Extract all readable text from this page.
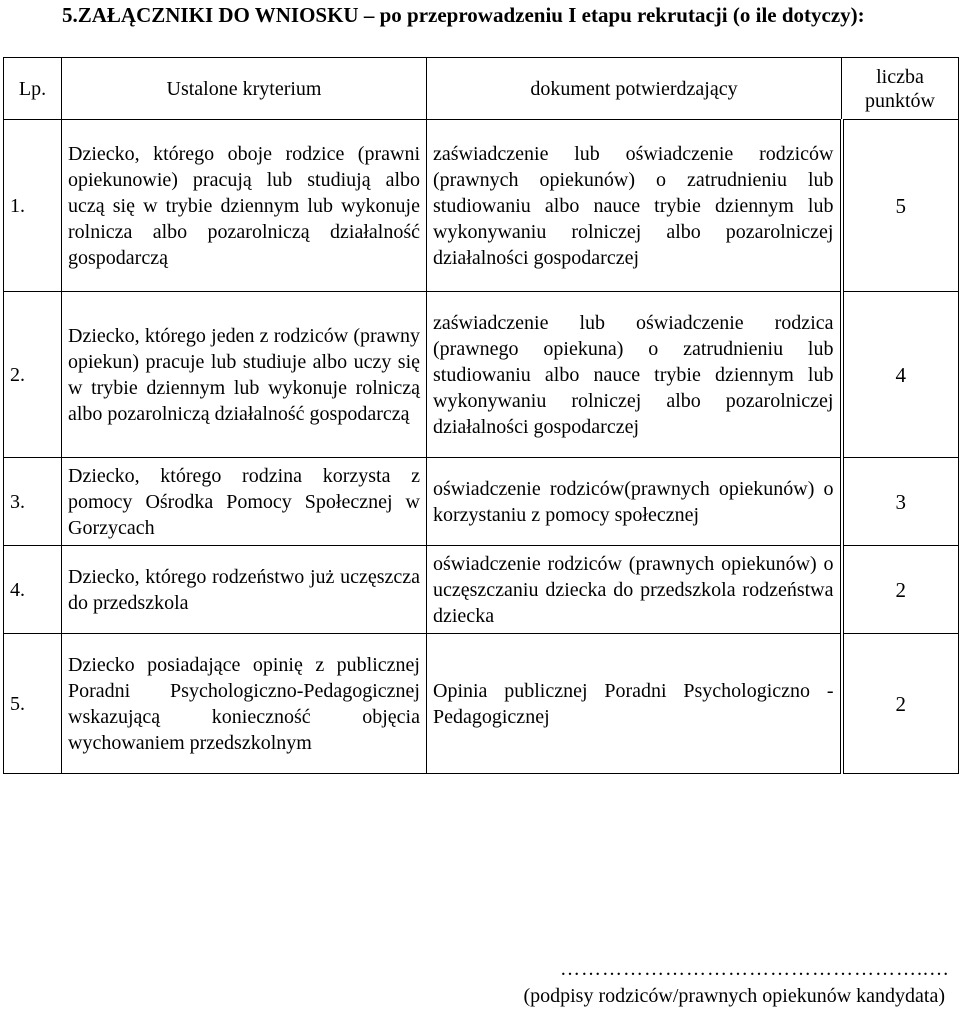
5.ZAŁĄCZNIKI DO WNIOSKU – po przeprowadzeniu I etapu rekrutacji (o ile dotyczy):
Lp.	Ustalone kryterium	dokument potwierdzający	liczba punktów
1.	Dziecko, którego oboje rodzice (prawni opiekunowie) pracują lub studiują albo uczą się w trybie dziennym lub wykonuje rolnicza albo pozarolniczą działalność gospodarczą	zaświadczenie lub oświadczenie rodziców (prawnych opiekunów) o zatrudnieniu lub studiowaniu albo nauce trybie dziennym lub wykonywaniu rolniczej albo pozarolniczej działalności gospodarczej	5
2.	Dziecko, którego jeden z rodziców (prawny opiekun) pracuje lub studiuje albo uczy się w trybie dziennym lub wykonuje rolniczą albo pozarolniczą działalność gospodarczą	zaświadczenie lub oświadczenie rodzica (prawnego opiekuna) o zatrudnieniu lub studiowaniu albo nauce trybie dziennym lub wykonywaniu rolniczej albo pozarolniczej działalności gospodarczej	4
3.	Dziecko, którego rodzina korzysta z pomocy Ośrodka Pomocy Społecznej w Gorzycach	oświadczenie rodziców(prawnych opiekunów) o korzystaniu z pomocy społecznej	3
4.	Dziecko, którego rodzeństwo już uczęszcza do przedszkola	oświadczenie rodziców (prawnych opiekunów) o uczęszczaniu dziecka do przedszkola rodzeństwa dziecka	2
5.	Dziecko posiadające opinię z publicznej Poradni Psychologiczno-Pedagogicznej wskazującą konieczność objęcia wychowaniem przedszkolnym	Opinia publicznej Poradni Psychologiczno - Pedagogicznej	2
……………………………………………..…
(podpisy rodziców/prawnych opiekunów kandydata)
